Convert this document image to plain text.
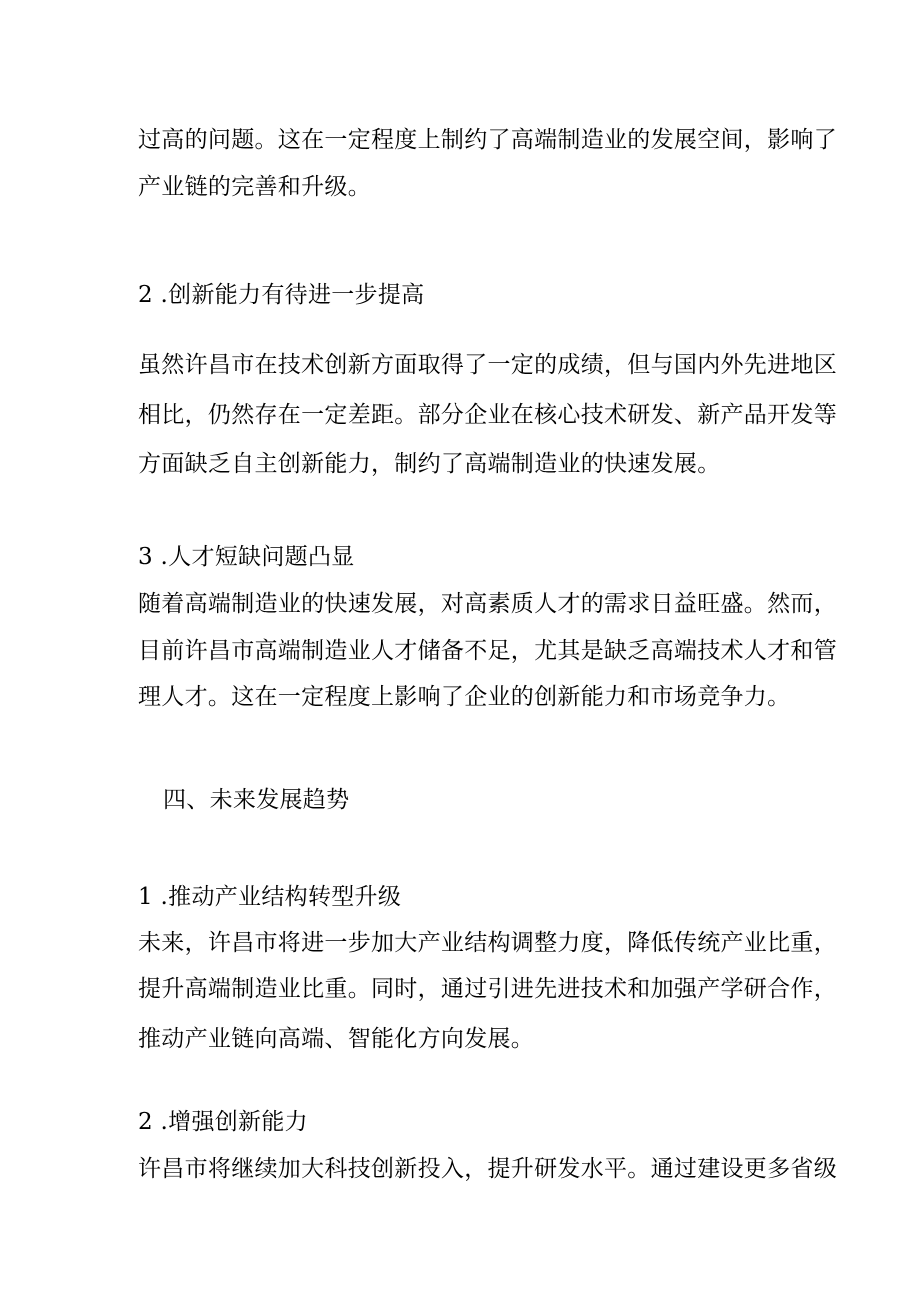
过高的问题。这在一定程度上制约了高端制造业的发展空间，影响了
产业链的完善和升级。
2 .创新能力有待进一步提高
虽然许昌市在技术创新方面取得了一定的成绩，但与国内外先进地区
相比，仍然存在一定差距。部分企业在核心技术研发、新产品开发等
方面缺乏自主创新能力，制约了高端制造业的快速发展。
3 .人才短缺问题凸显
随着高端制造业的快速发展，对高素质人才的需求日益旺盛。然而，
目前许昌市高端制造业人才储备不足，尤其是缺乏高端技术人才和管
理人才。这在一定程度上影响了企业的创新能力和市场竞争力。
四、未来发展趋势
1 .推动产业结构转型升级
未来，许昌市将进一步加大产业结构调整力度，降低传统产业比重，
提升高端制造业比重。同时，通过引进先进技术和加强产学研合作，
推动产业链向高端、智能化方向发展。
2 .增强创新能力
许昌市将继续加大科技创新投入，提升研发水平。通过建设更多省级
